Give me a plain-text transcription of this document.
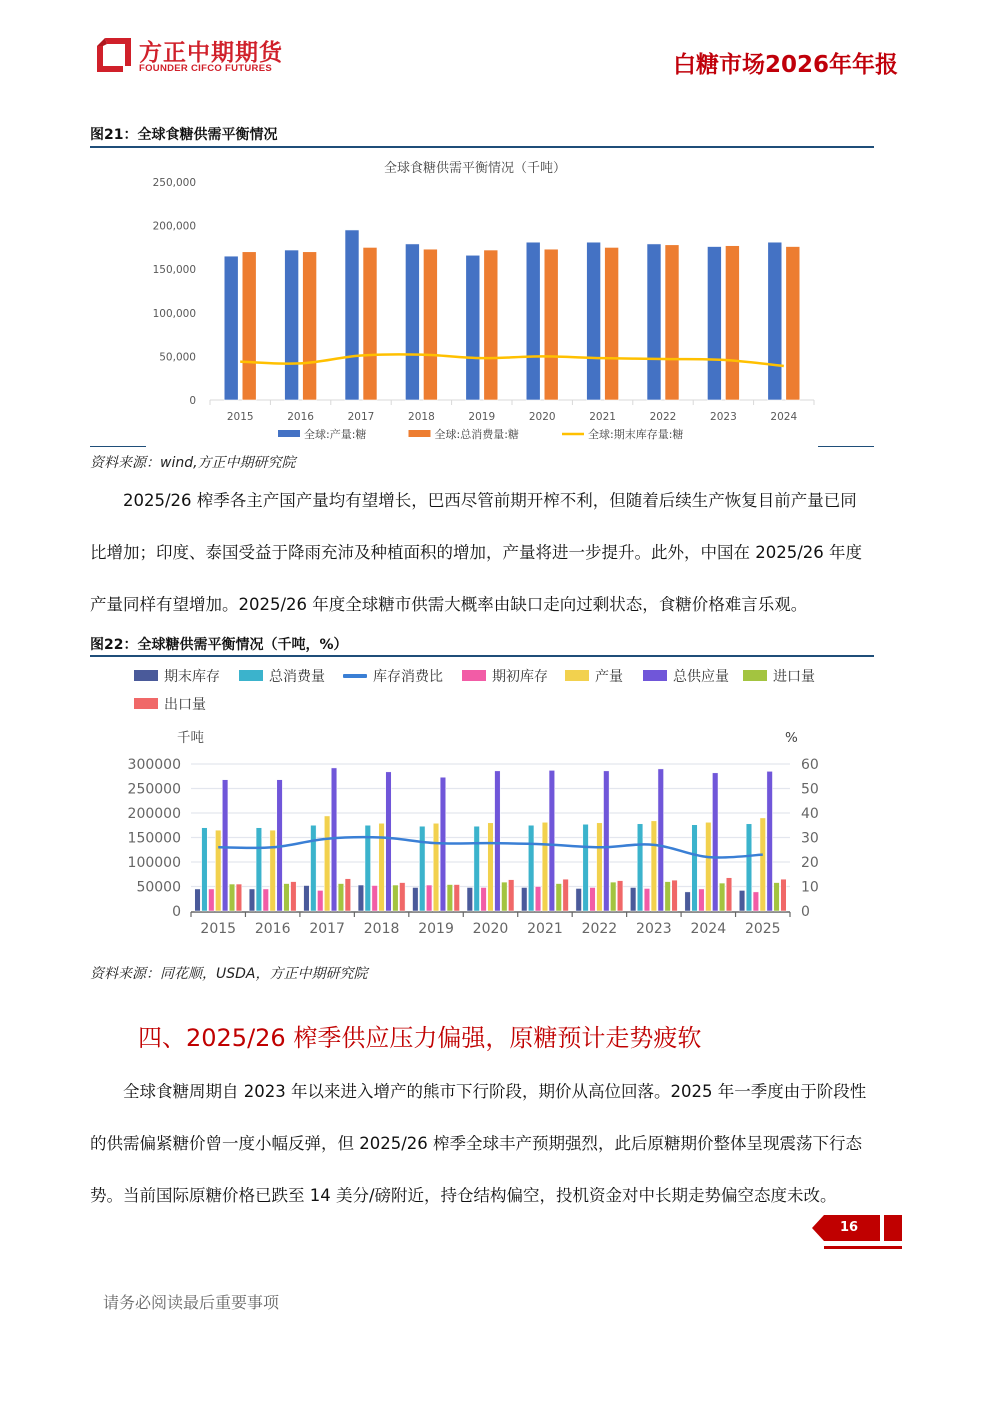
方正中期期货
FOUNDER CIFCO FUTURES	白糖市场2026年年报
图21：全球食糖供需平衡情况
全球食糖供需平衡情况（千吨）
0
50,000
100,000
150,000
200,000
250,000
2015	2016	2017	2018	2019	2020	2021	2022	2023	2024
全球:产量:糖	全球:总消费量:糖	全球:期末库存量:糖
资料来源：wind,方正中期研究院
2025/26 榨季各主产国产量均有望增长，巴西尽管前期开榨不利，但随着后续生产恢复目前产量已同
比增加；印度、泰国受益于降雨充沛及种植面积的增加，产量将进一步提升。此外，中国在 2025/26 年度
产量同样有望增加。2025/26 年度全球糖市供需大概率由缺口走向过剩状态，食糖价格难言乐观。
图22：全球糖供需平衡情况（千吨，%）
期末库存	总消费量	库存消费比	期初库存	产量	总供应量	进口量
出口量
千吨	%
0
50000
100000
150000
200000
250000
300000
0
10
20
30
40
50
60
2015 2016 2017 2018 2019 2020 2021 2022 2023 2024 2025
资料来源：同花顺，USDA，方正中期研究院
四、2025/26 榨季供应压力偏强，原糖预计走势疲软
全球食糖周期自 2023 年以来进入增产的熊市下行阶段，期价从高位回落。2025 年一季度由于阶段性
的供需偏紧糖价曾一度小幅反弹，但 2025/26 榨季全球丰产预期强烈，此后原糖期价整体呈现震荡下行态
势。当前国际原糖价格已跌至 14 美分/磅附近，持仓结构偏空，投机资金对中长期走势偏空态度未改。
16
请务必阅读最后重要事项
